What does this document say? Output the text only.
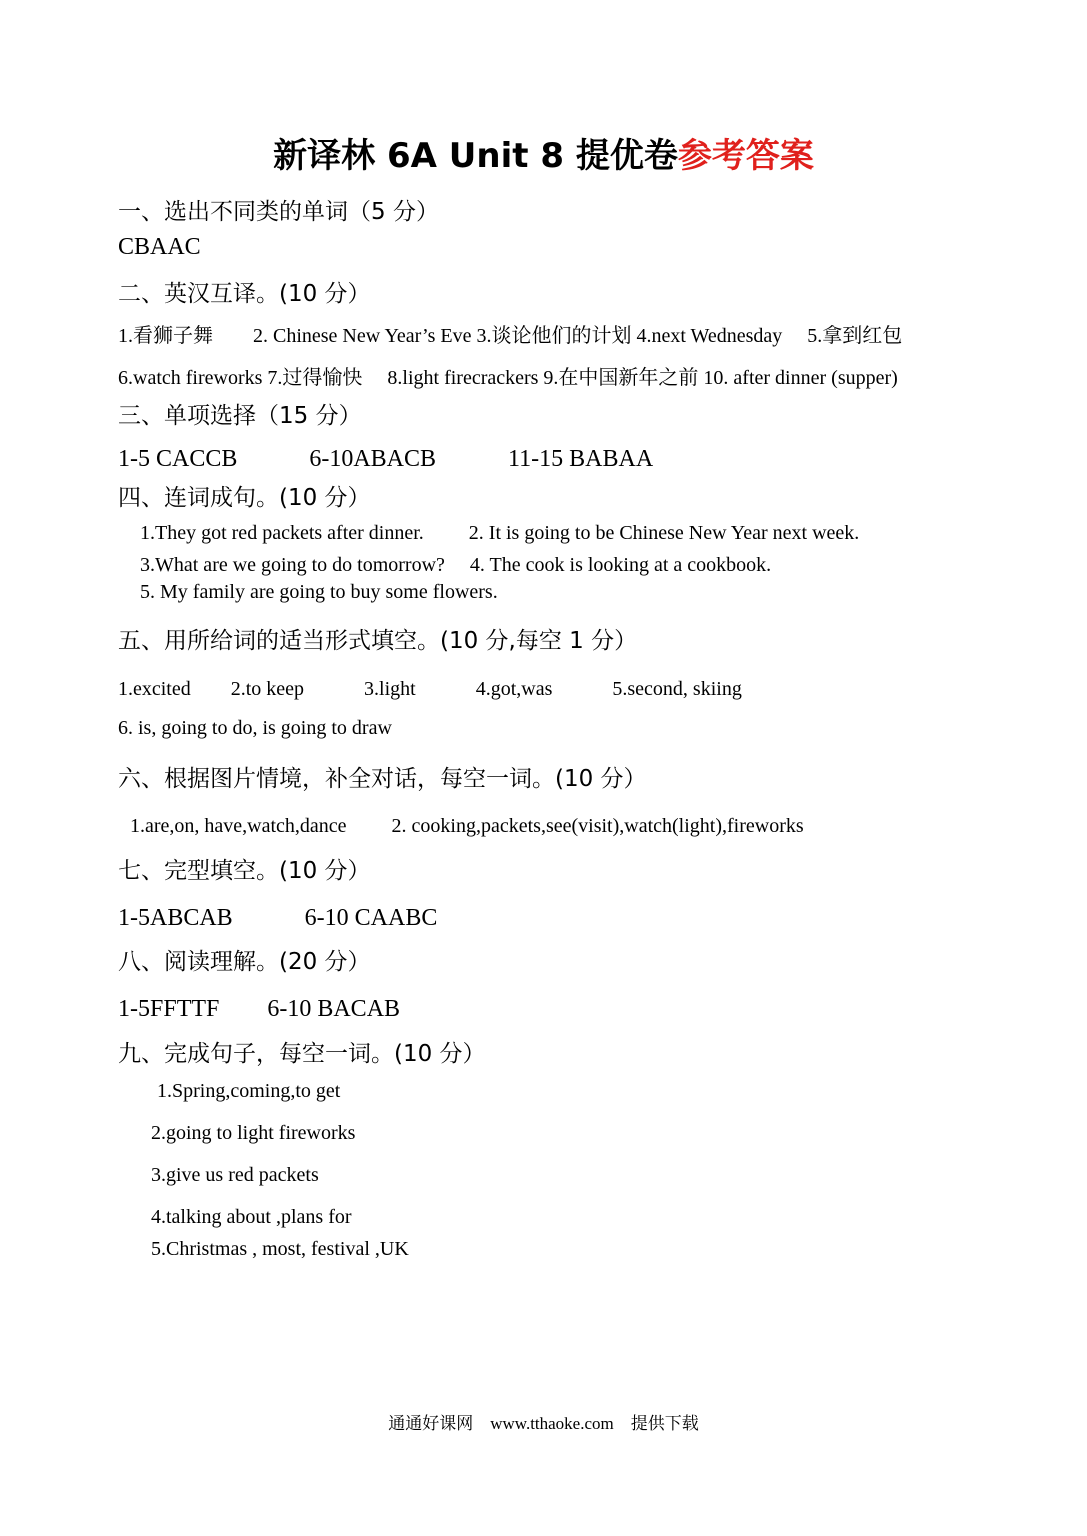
新译林 6A Unit 8 提优卷参考答案
一、选出不同类的单词（5 分）
CBAAC
二、英汉互译。(10 分）
1.看狮子舞　　2. Chinese New Year’s Eve 3.谈论他们的计划 4.next Wednesday　 5.拿到红包
6.watch fireworks 7.过得愉快　 8.light firecrackers 9.在中国新年之前 10. after dinner (supper)
三、单项选择（15 分）
1-5 CACCB　　　6-10ABACB　　　11-15 BABAA
四、连词成句。(10 分）
1.They got red packets after dinner.　　 2. It is going to be Chinese New Year next week.
3.What are we going to do tomorrow?　 4. The cook is looking at a cookbook.
5. My family are going to buy some flowers.
五、用所给词的适当形式填空。(10 分,每空 1 分）
1.excited　　2.to keep　　　3.light　　　4.got,was　　　5.second, skiing
6. is, going to do, is going to draw
六、根据图片情境，补全对话，每空一词。(10 分）
1.are,on, have,watch,dance　　 2. cooking,packets,see(visit),watch(light),fireworks
七、完型填空。(10 分）
1-5ABCAB　　　6-10 CAABC
八、阅读理解。(20 分）
1-5FFTTF　　6-10 BACAB
九、完成句子，每空一词。(10 分）
1.Spring,coming,to get
2.going to light fireworks
3.give us red packets
4.talking about ,plans for
5.Christmas , most, festival ,UK
通通好课网　www.tthaoke.com　提供下载
